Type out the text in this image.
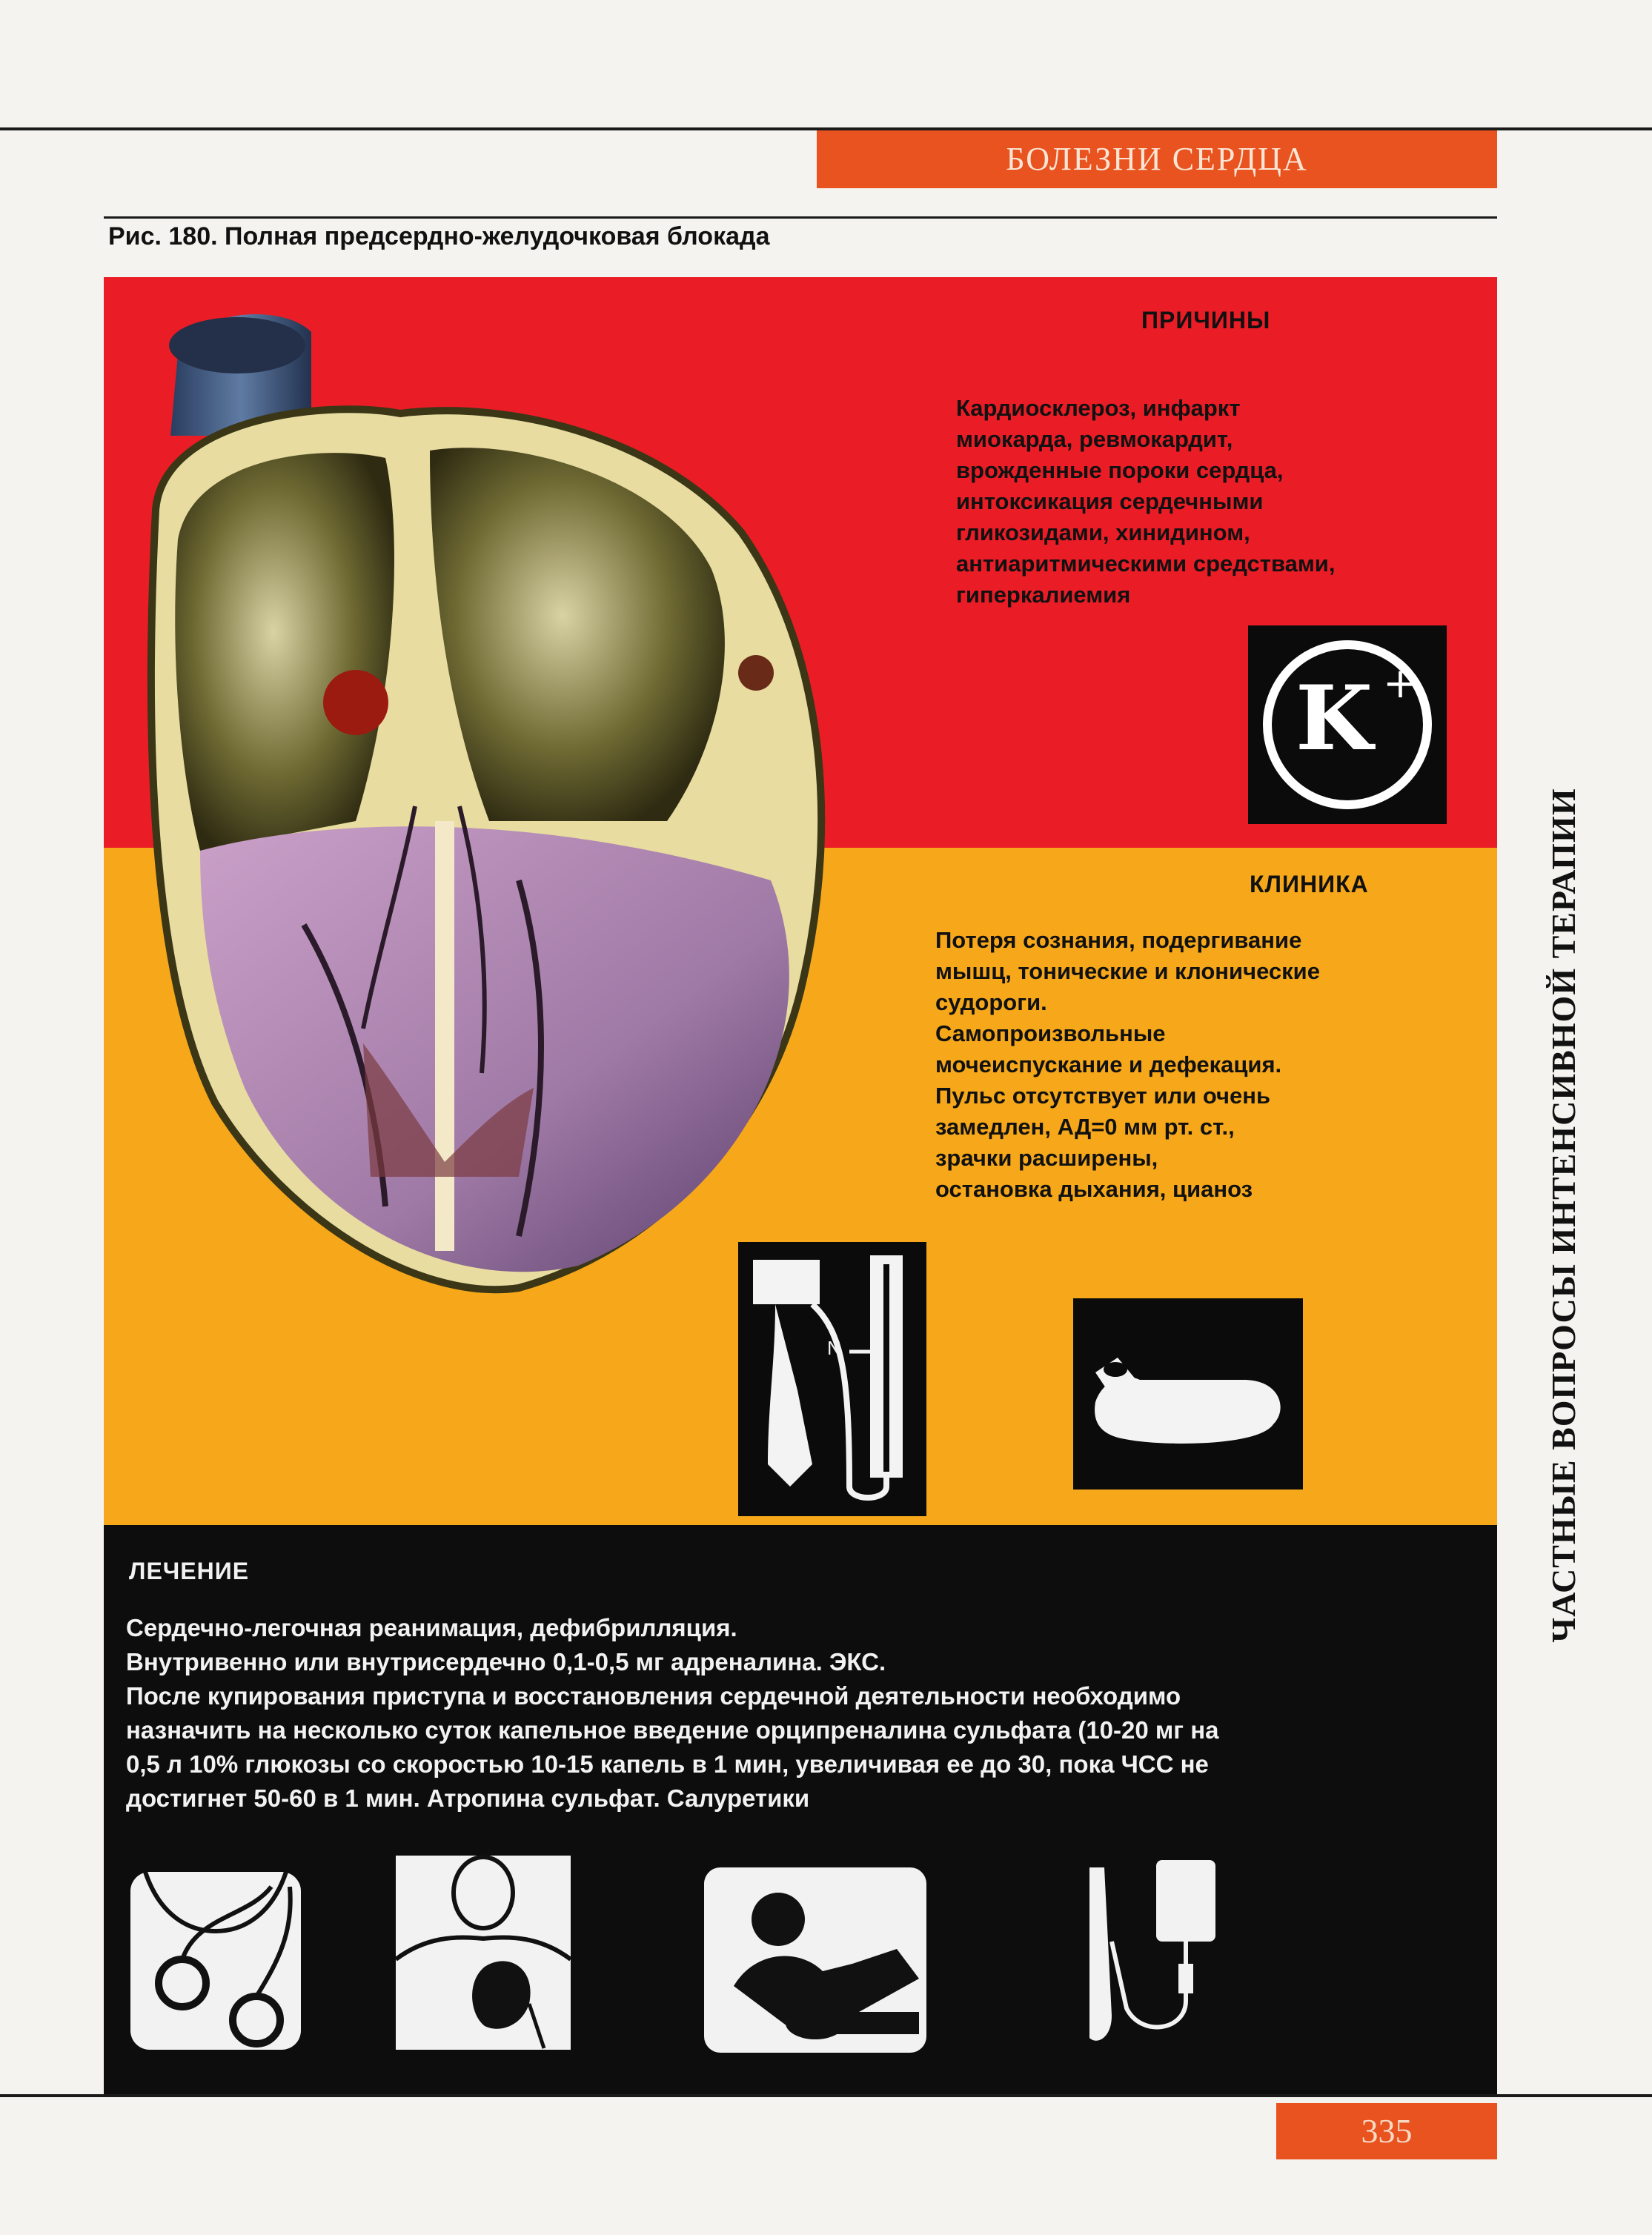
БОЛЕЗНИ СЕРДЦА
Рис. 180. Полная предсердно-желудочковая блокада
ПРИЧИНЫ
Кардиосклероз, инфаркт
миокарда, ревмокардит,
врожденные пороки сердца,
интоксикация сердечными
гликозидами, хинидином,
антиаритмическими средствами,
гиперкалиемия
K +
КЛИНИКА
Потеря сознания, подергивание
мышц, тонические и клонические
судороги.
Самопроизвольные
мочеиспускание и дефекация.
Пульс отсутствует или очень
замедлен, АД=0 мм рт. ст.,
зрачки расширены,
остановка дыхания, цианоз
N
ЛЕЧЕНИЕ
Сердечно-легочная реанимация, дефибрилляция.
Внутривенно или внутрисердечно 0,1-0,5 мг адреналина. ЭКС.
После купирования приступа и восстановления сердечной деятельности необходимо
назначить на несколько суток капельное введение орципреналина сульфата (10-20 мг на
0,5 л 10% глюкозы со скоростью 10-15 капель в 1 мин, увеличивая ее до 30, пока ЧСС не
достигнет 50-60 в 1 мин. Атропина сульфат. Салуретики
ЧАСТНЫЕ ВОПРОСЫ ИНТЕНСИВНОЙ ТЕРАПИИ
335
